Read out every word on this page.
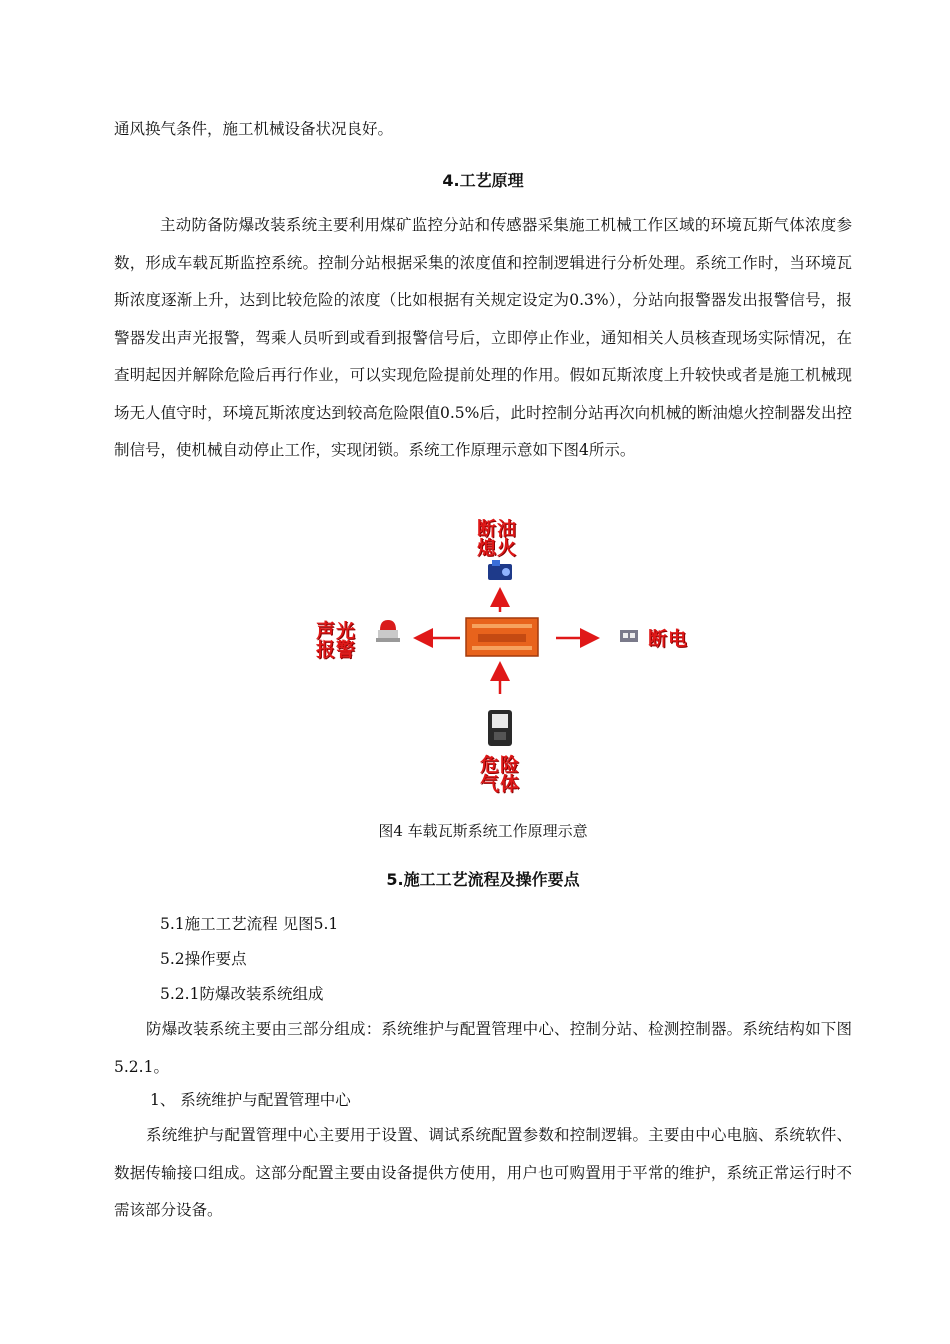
通风换气条件，施工机械设备状况良好。

4.工艺原理

主动防备防爆改装系统主要利用煤矿监控分站和传感器采集施工机械工作区域的环境瓦斯气体浓度参数，形成车载瓦斯监控系统。控制分站根据采集的浓度值和控制逻辑进行分析处理。系统工作时，当环境瓦斯浓度逐渐上升，达到比较危险的浓度（比如根据有关规定设定为0.3%），分站向报警器发出报警信号，报警器发出声光报警，驾乘人员听到或看到报警信号后，立即停止作业，通知相关人员核查现场实际情况，在查明起因并解除危险后再行作业，可以实现危险提前处理的作用。假如瓦斯浓度上升较快或者是施工机械现场无人值守时，环境瓦斯浓度达到较高危险限值0.5%后，此时控制分站再次向机械的断油熄火控制器发出控制信号，使机械自动停止工作，实现闭锁。系统工作原理示意如下图4所示。

断油
熄火
声光
报警	断电
危险
气体

图4 车载瓦斯系统工作原理示意

5.施工工艺流程及操作要点

5.1施工工艺流程 见图5.1

5.2操作要点

5.2.1防爆改装系统组成

防爆改装系统主要由三部分组成：系统维护与配置管理中心、控制分站、检测控制器。系统结构如下图5.2.1。

1、 系统维护与配置管理中心

系统维护与配置管理中心主要用于设置、调试系统配置参数和控制逻辑。主要由中心电脑、系统软件、数据传输接口组成。这部分配置主要由设备提供方使用，用户也可购置用于平常的维护，系统正常运行时不需该部分设备。
